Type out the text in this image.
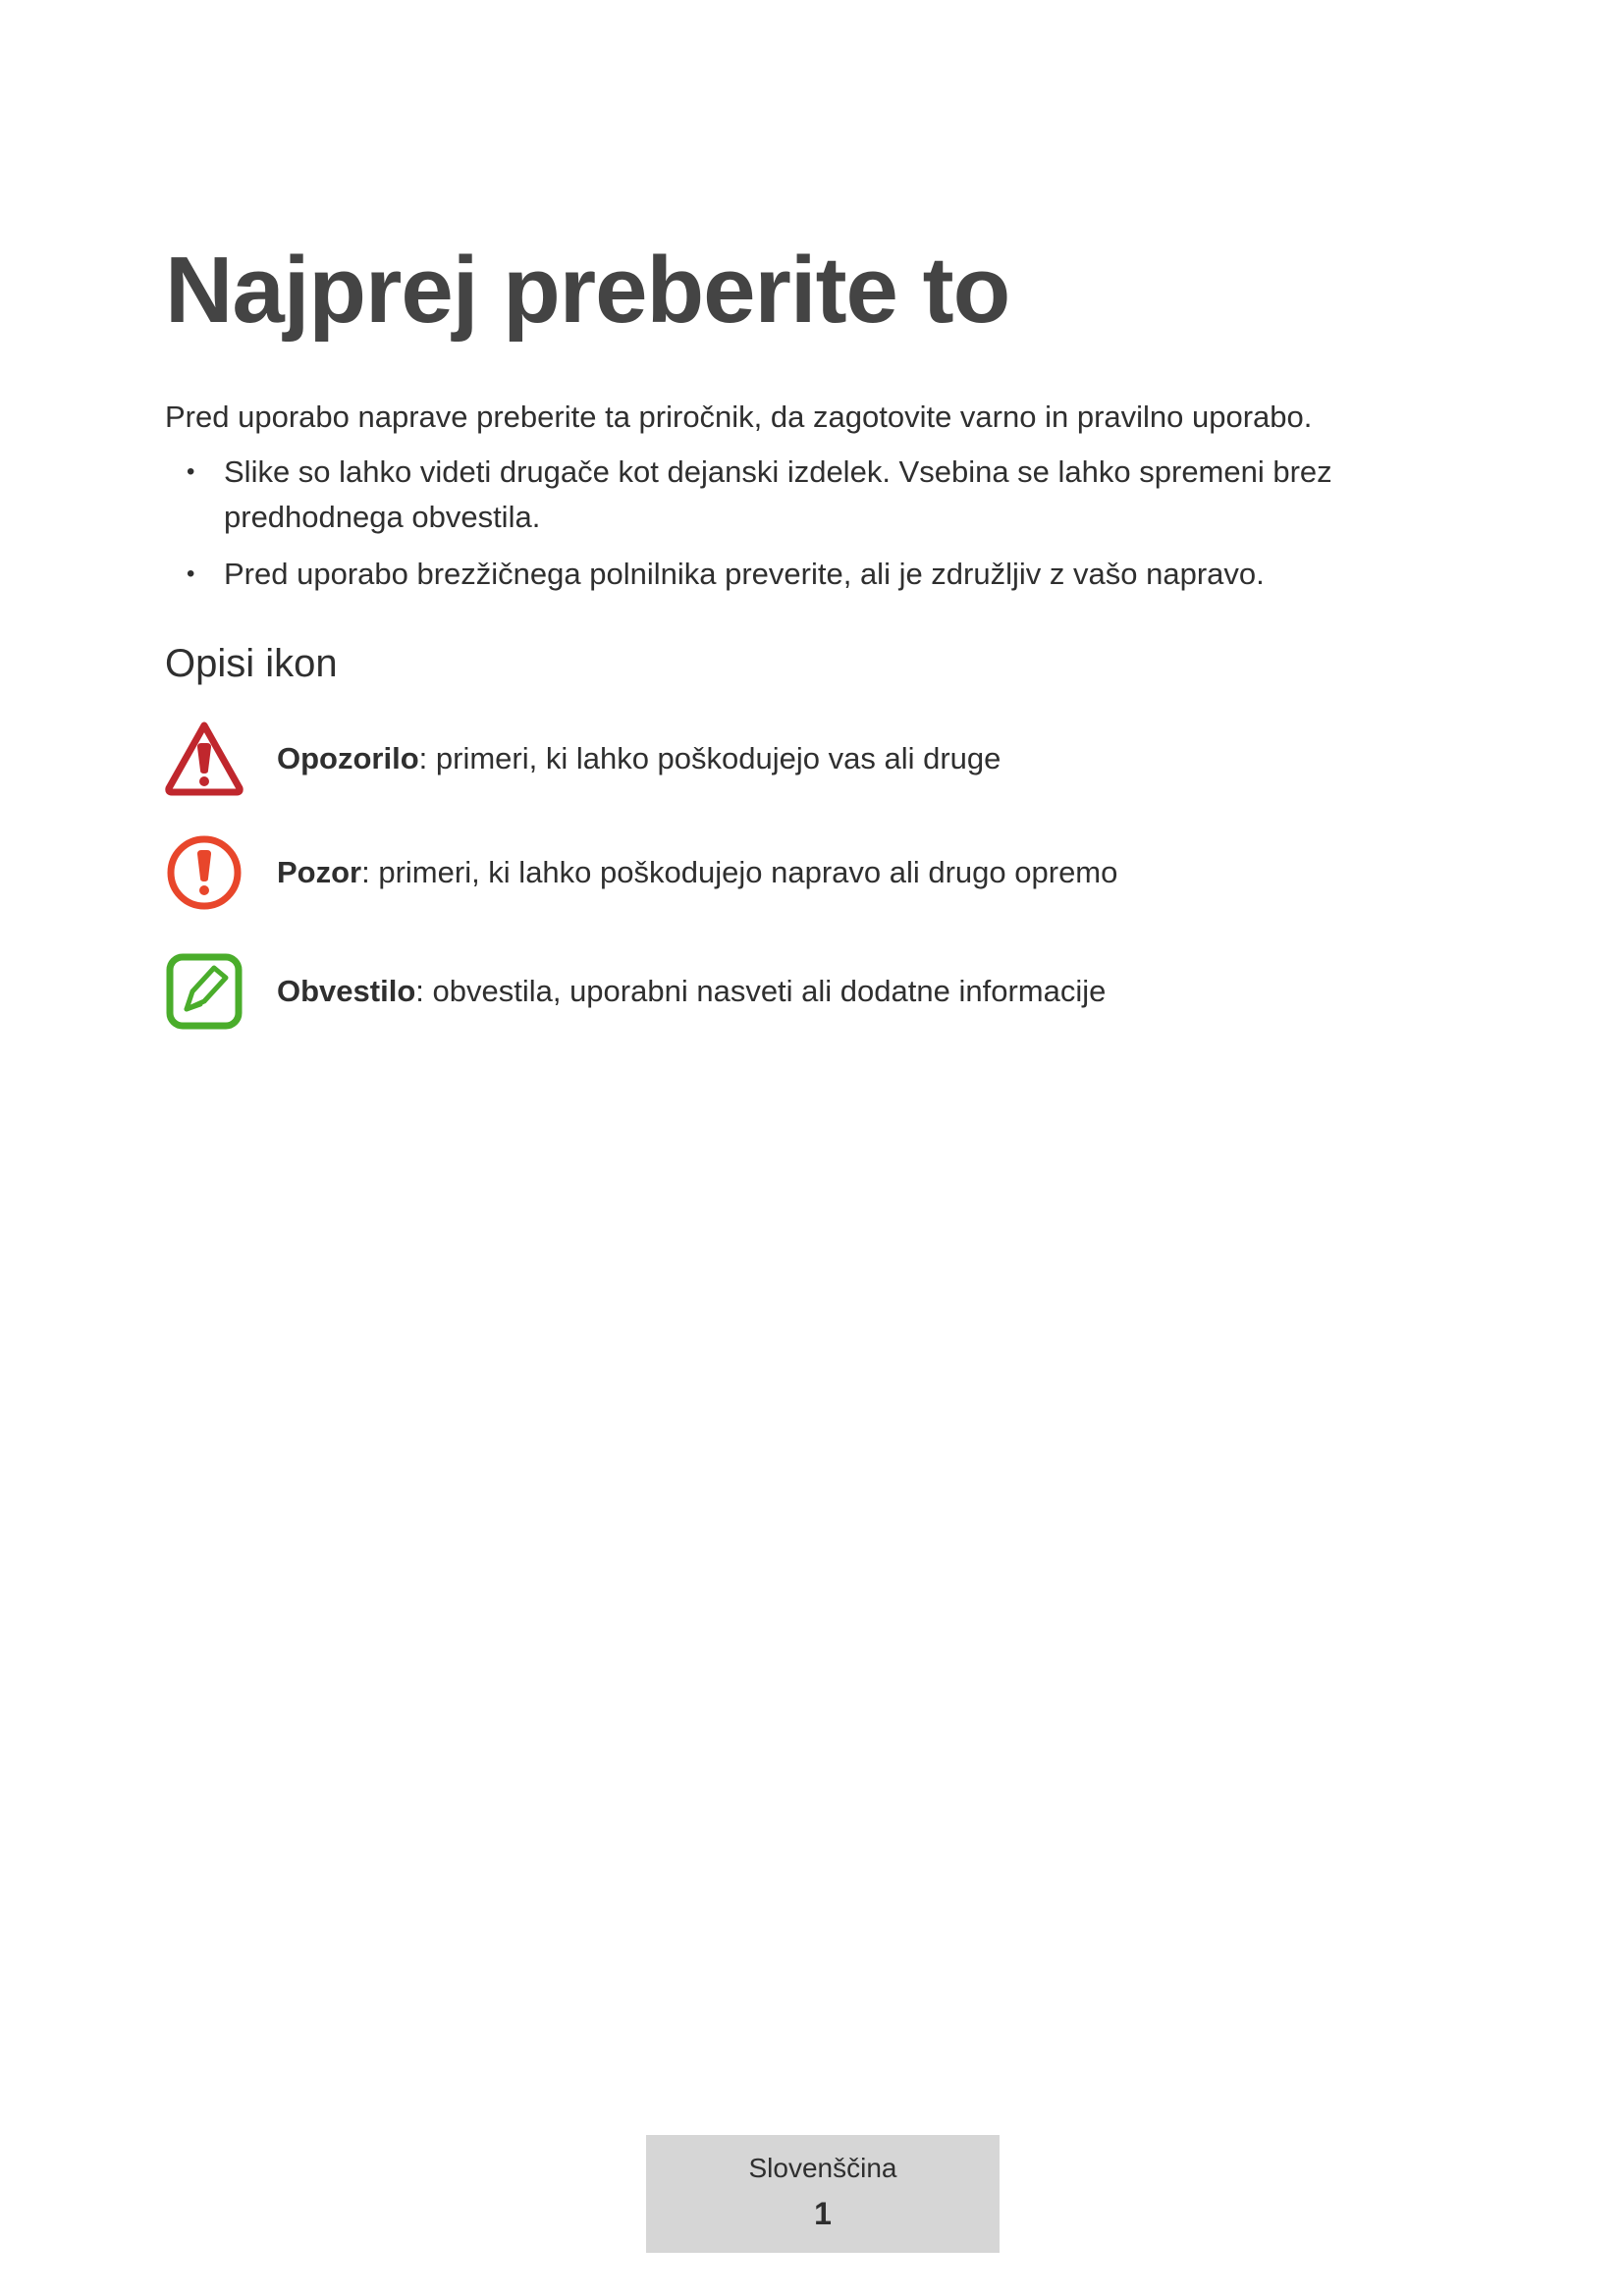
Najprej preberite to

Pred uporabo naprave preberite ta priročnik, da zagotovite varno in pravilno uporabo.

• Slike so lahko videti drugače kot dejanski izdelek. Vsebina se lahko spremeni brez predhodnega obvestila.
• Pred uporabo brezžičnega polnilnika preverite, ali je združljiv z vašo napravo.
Opisi ikon
Opozorilo: primeri, ki lahko poškodujejo vas ali druge
Pozor: primeri, ki lahko poškodujejo napravo ali drugo opremo
Obvestilo: obvestila, uporabni nasveti ali dodatne informacije
Slovenščina
1
